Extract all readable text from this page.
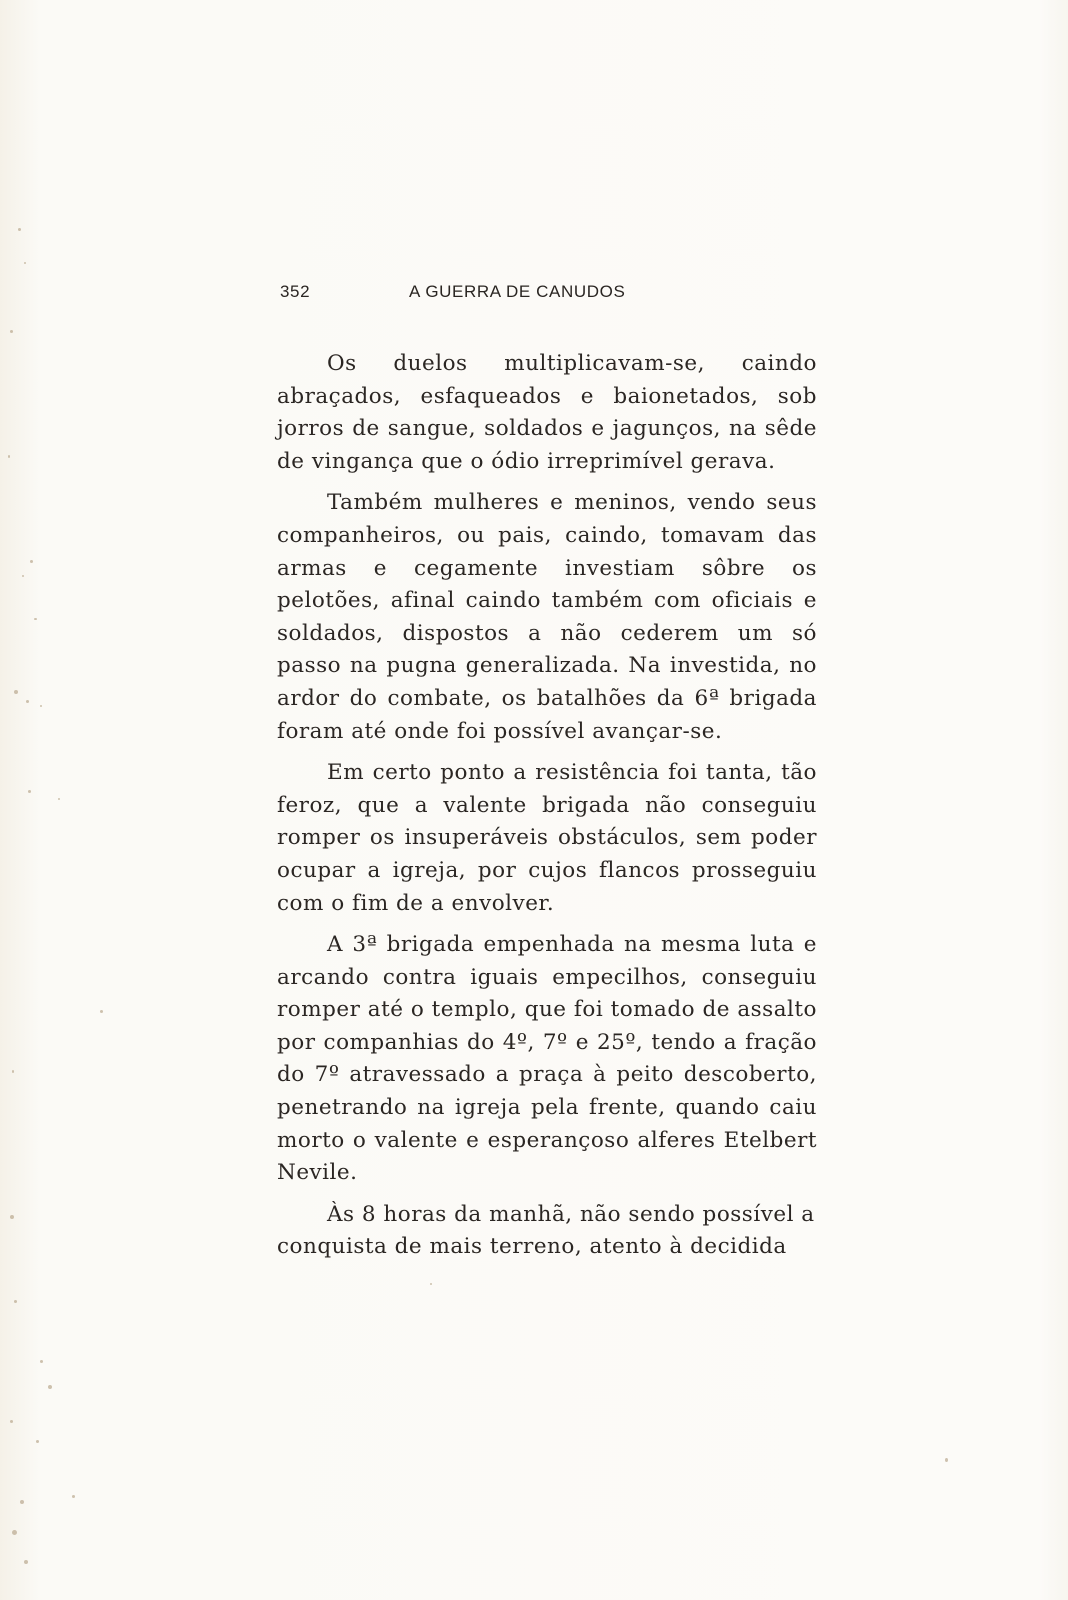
352	A GUERRA DE CANUDOS

Os duelos multiplicavam-se, caindo abraçados, esfaqueados e baionetados, sob jorros de sangue, soldados e jagunços, na sêde de vingança que o ódio irreprimível gerava.

Também mulheres e meninos, vendo seus companheiros, ou pais, caindo, tomavam das armas e cegamente investiam sôbre os pelotões, afinal caindo também com oficiais e soldados, dispostos a não cederem um só passo na pugna generalizada. Na investida, no ardor do combate, os batalhões da 6ª brigada foram até onde foi possível avançar-se.

Em certo ponto a resistência foi tanta, tão feroz, que a valente brigada não conseguiu romper os insuperáveis obstáculos, sem poder ocupar a igreja, por cujos flancos prosseguiu com o fim de a envolver.

A 3ª brigada empenhada na mesma luta e arcando contra iguais empecilhos, conseguiu romper até o templo, que foi tomado de assalto por companhias do 4º, 7º e 25º, tendo a fração do 7º atravessado a praça à peito descoberto, penetrando na igreja pela frente, quando caiu morto o valente e esperançoso alferes Etelbert Nevile.

Às 8 horas da manhã, não sendo possível a conquista de mais terreno, atento à decidida
